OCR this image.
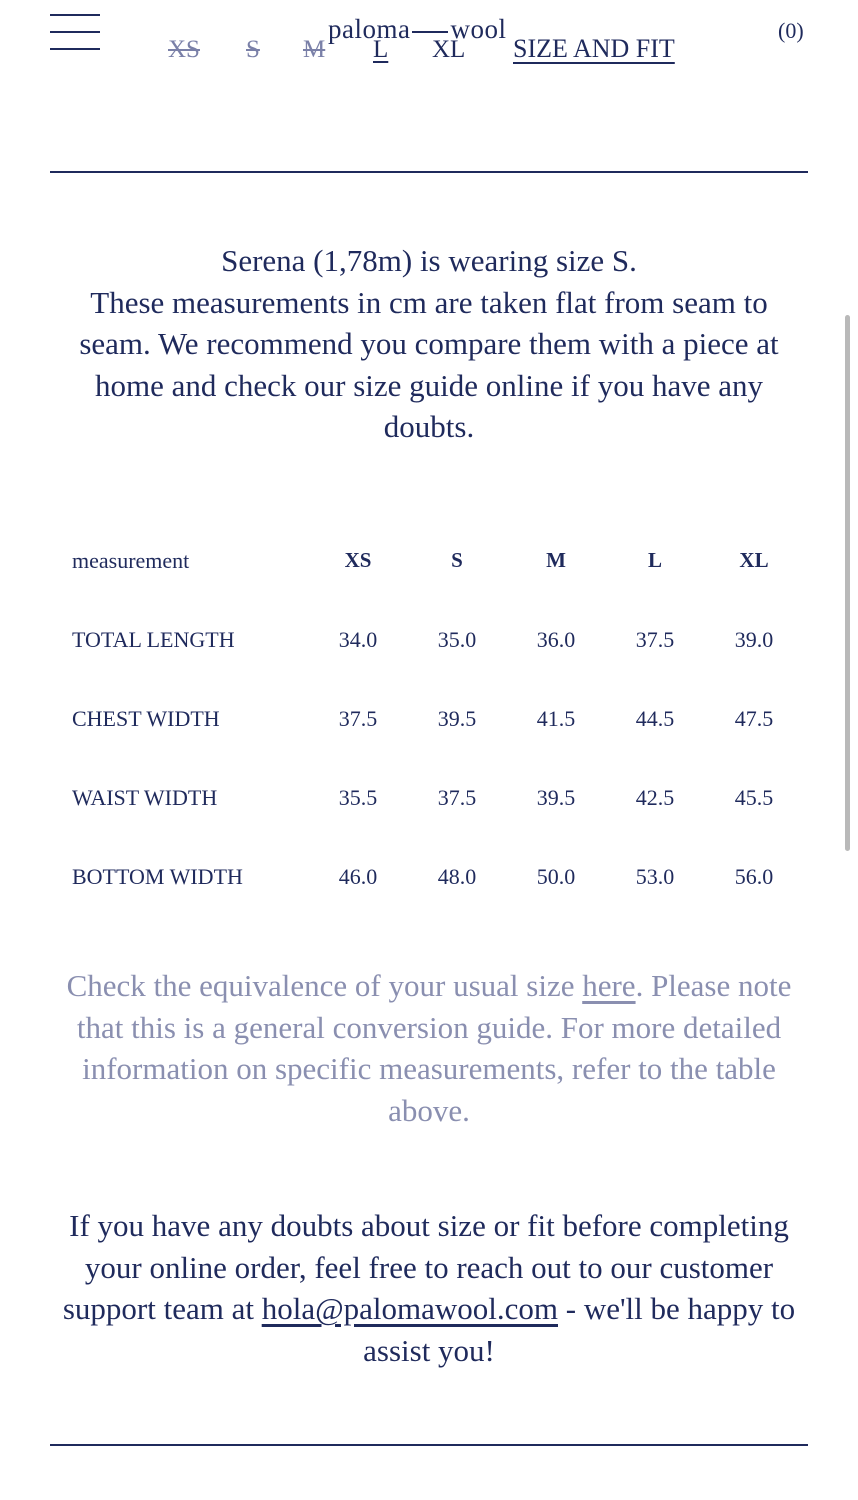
XS S M L XL
paloma wool
SIZE AND FIT
(0)

Serena (1,78m) is wearing size S.

These measurements in cm are taken flat from seam to seam. We recommend you compare them with a piece at home and check our size guide online if you have any doubts.

measurement	XS	S	M	L	XL
TOTAL LENGTH	34.0	35.0	36.0	37.5	39.0
CHEST WIDTH	37.5	39.5	41.5	44.5	47.5
WAIST WIDTH	35.5	37.5	39.5	42.5	45.5
BOTTOM WIDTH	46.0	48.0	50.0	53.0	56.0
Check the equivalence of your usual size here. Please note that this is a general conversion guide. For more detailed information on specific measurements, refer to the table above.
If you have any doubts about size or fit before completing your online order, feel free to reach out to our customer support team at hola@palomawool.com - we'll be happy to assist you!
